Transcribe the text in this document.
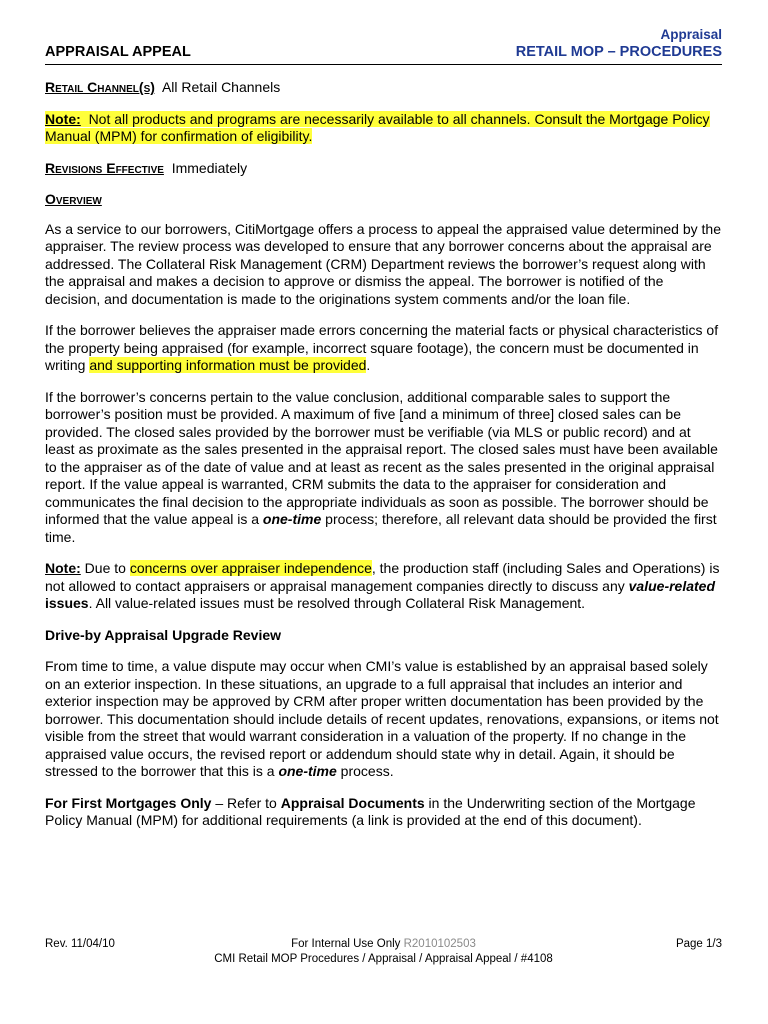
Appraisal
RETAIL MOP – PROCEDURES
APPRAISAL APPEAL

Retail Channel(s) All Retail Channels

Note: Not all products and programs are necessarily available to all channels. Consult the Mortgage Policy Manual (MPM) for confirmation of eligibility.

Revisions Effective Immediately

Overview

As a service to our borrowers, CitiMortgage offers a process to appeal the appraised value determined by the appraiser. The review process was developed to ensure that any borrower concerns about the appraisal are addressed. The Collateral Risk Management (CRM) Department reviews the borrower’s request along with the appraisal and makes a decision to approve or dismiss the appeal. The borrower is notified of the decision, and documentation is made to the originations system comments and/or the loan file.

If the borrower believes the appraiser made errors concerning the material facts or physical characteristics of the property being appraised (for example, incorrect square footage), the concern must be documented in writing and supporting information must be provided.

If the borrower’s concerns pertain to the value conclusion, additional comparable sales to support the borrower’s position must be provided. A maximum of five [and a minimum of three] closed sales can be provided. The closed sales provided by the borrower must be verifiable (via MLS or public record) and at least as proximate as the sales presented in the appraisal report. The closed sales must have been available to the appraiser as of the date of value and at least as recent as the sales presented in the original appraisal report. If the value appeal is warranted, CRM submits the data to the appraiser for consideration and communicates the final decision to the appropriate individuals as soon as possible. The borrower should be informed that the value appeal is a one-time process; therefore, all relevant data should be provided the first time.

Note: Due to concerns over appraiser independence, the production staff (including Sales and Operations) is not allowed to contact appraisers or appraisal management companies directly to discuss any value-related issues. All value-related issues must be resolved through Collateral Risk Management.

Drive-by Appraisal Upgrade Review

From time to time, a value dispute may occur when CMI’s value is established by an appraisal based solely on an exterior inspection. In these situations, an upgrade to a full appraisal that includes an interior and exterior inspection may be approved by CRM after proper written documentation has been provided by the borrower. This documentation should include details of recent updates, renovations, expansions, or items not visible from the street that would warrant consideration in a valuation of the property. If no change in the appraised value occurs, the revised report or addendum should state why in detail. Again, it should be stressed to the borrower that this is a one-time process.

For First Mortgages Only – Refer to Appraisal Documents in the Underwriting section of the Mortgage Policy Manual (MPM) for additional requirements (a link is provided at the end of this document).

Rev. 11/04/10	For Internal Use Only R2010102503	Page 1/3
CMI Retail MOP Procedures / Appraisal / Appraisal Appeal / #4108
